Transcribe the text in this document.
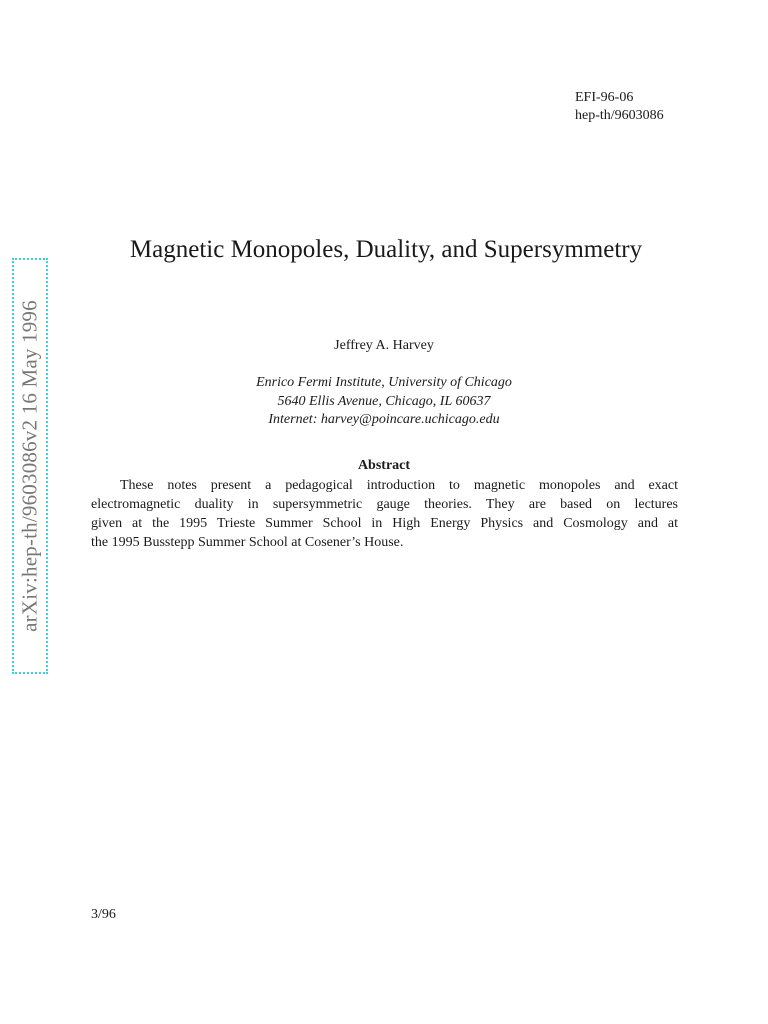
EFI-96-06
hep-th/9603086
arXiv:hep-th/9603086v2 16 May 1996
Magnetic Monopoles, Duality, and Supersymmetry
Jeffrey A. Harvey
Enrico Fermi Institute, University of Chicago
5640 Ellis Avenue, Chicago, IL 60637
Internet: harvey@poincare.uchicago.edu
Abstract
These notes present a pedagogical introduction to magnetic monopoles and exact
electromagnetic duality in supersymmetric gauge theories. They are based on lectures
given at the 1995 Trieste Summer School in High Energy Physics and Cosmology and at
the 1995 Busstepp Summer School at Cosener’s House.
3/96
